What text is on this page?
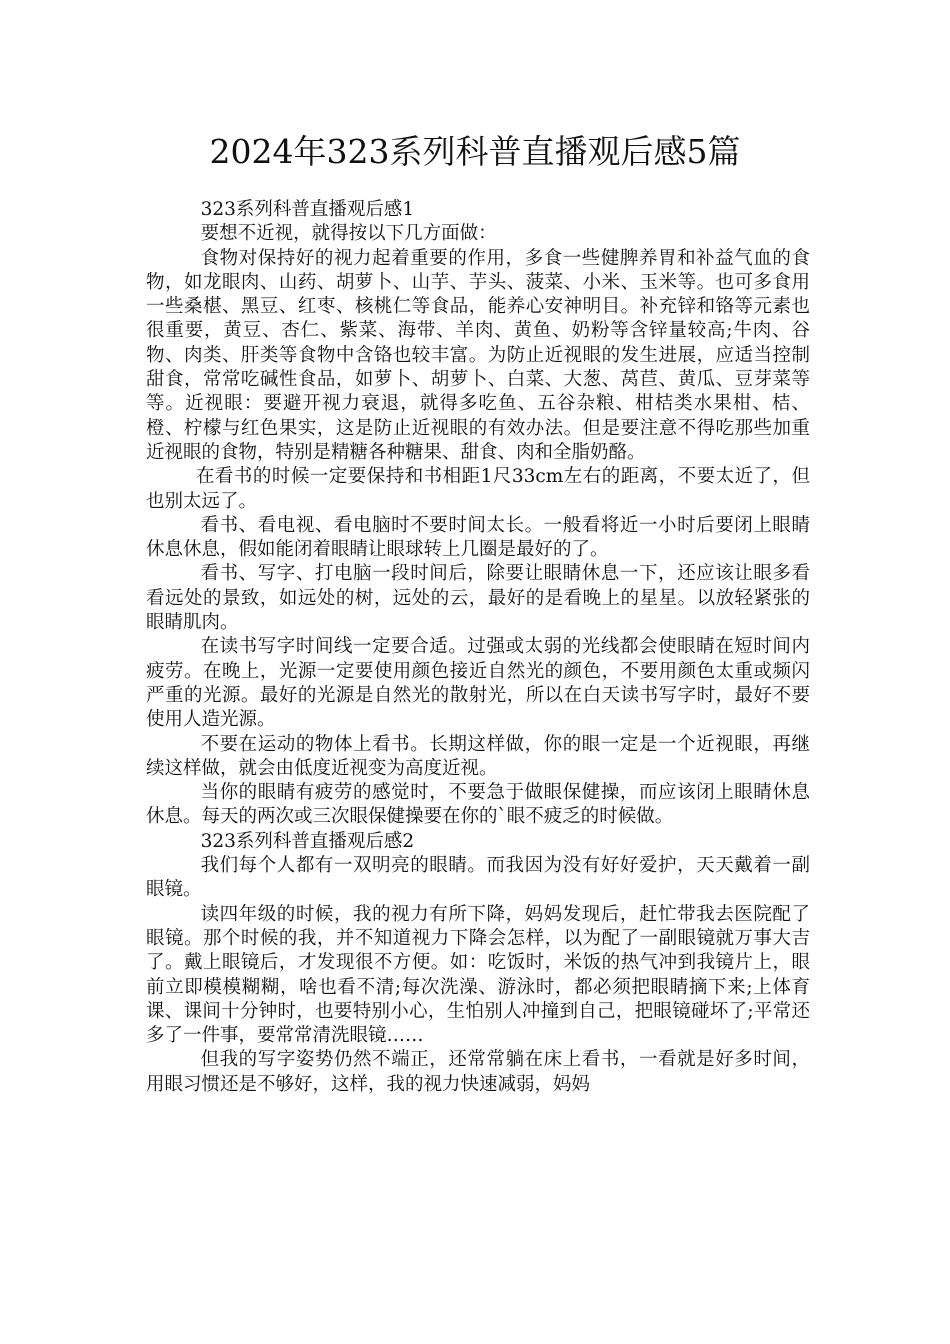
2024年323系列科普直播观后感5篇

323系列科普直播观后感1

要想不近视，就得按以下几方面做：

食物对保持好的视力起着重要的作用，多食一些健脾养胃和补益气血的食物，如龙眼肉、山药、胡萝卜、山芋、芋头、菠菜、小米、玉米等。也可多食用一些桑椹、黑豆、红枣、核桃仁等食品，能养心安神明目。补充锌和铬等元素也很重要，黄豆、杏仁、紫菜、海带、羊肉、黄鱼、奶粉等含锌量较高;牛肉、谷物、肉类、肝类等食物中含铬也较丰富。为防止近视眼的发生进展，应适当控制甜食，常常吃碱性食品，如萝卜、胡萝卜、白菜、大葱、莴苣、黄瓜、豆芽菜等等。近视眼：要避开视力衰退，就得多吃鱼、五谷杂粮、柑桔类水果柑、桔、橙、柠檬与红色果实，这是防止近视眼的有效办法。但是要注意不得吃那些加重近视眼的食物，特别是精糖各种糖果、甜食、肉和全脂奶酪。

在看书的时候一定要保持和书相距1尺33cm左右的距离，不要太近了，但也别太远了。

看书、看电视、看电脑时不要时间太长。一般看将近一小时后要闭上眼睛休息休息，假如能闭着眼睛让眼球转上几圈是最好的了。

看书、写字、打电脑一段时间后，除要让眼睛休息一下，还应该让眼多看看远处的景致，如远处的树，远处的云，最好的是看晚上的星星。以放轻紧张的眼睛肌肉。

在读书写字时间线一定要合适。过强或太弱的光线都会使眼睛在短时间内疲劳。在晚上，光源一定要使用颜色接近自然光的颜色，不要用颜色太重或频闪严重的光源。最好的光源是自然光的散射光，所以在白天读书写字时，最好不要使用人造光源。

不要在运动的物体上看书。长期这样做，你的眼一定是一个近视眼，再继续这样做，就会由低度近视变为高度近视。

当你的眼睛有疲劳的感觉时，不要急于做眼保健操，而应该闭上眼睛休息休息。每天的两次或三次眼保健操要在你的`眼不疲乏的时候做。

323系列科普直播观后感2

我们每个人都有一双明亮的眼睛。而我因为没有好好爱护，天天戴着一副眼镜。

读四年级的时候，我的视力有所下降，妈妈发现后，赶忙带我去医院配了眼镜。那个时候的我，并不知道视力下降会怎样，以为配了一副眼镜就万事大吉了。戴上眼镜后，才发现很不方便。如：吃饭时，米饭的热气冲到我镜片上，眼前立即模模糊糊，啥也看不清;每次洗澡、游泳时，都必须把眼睛摘下来;上体育课、课间十分钟时，也要特别小心，生怕别人冲撞到自己，把眼镜碰坏了;平常还多了一件事，要常常清洗眼镜……

但我的写字姿势仍然不端正，还常常躺在床上看书，一看就是好多时间，用眼习惯还是不够好，这样，我的视力快速减弱，妈妈
